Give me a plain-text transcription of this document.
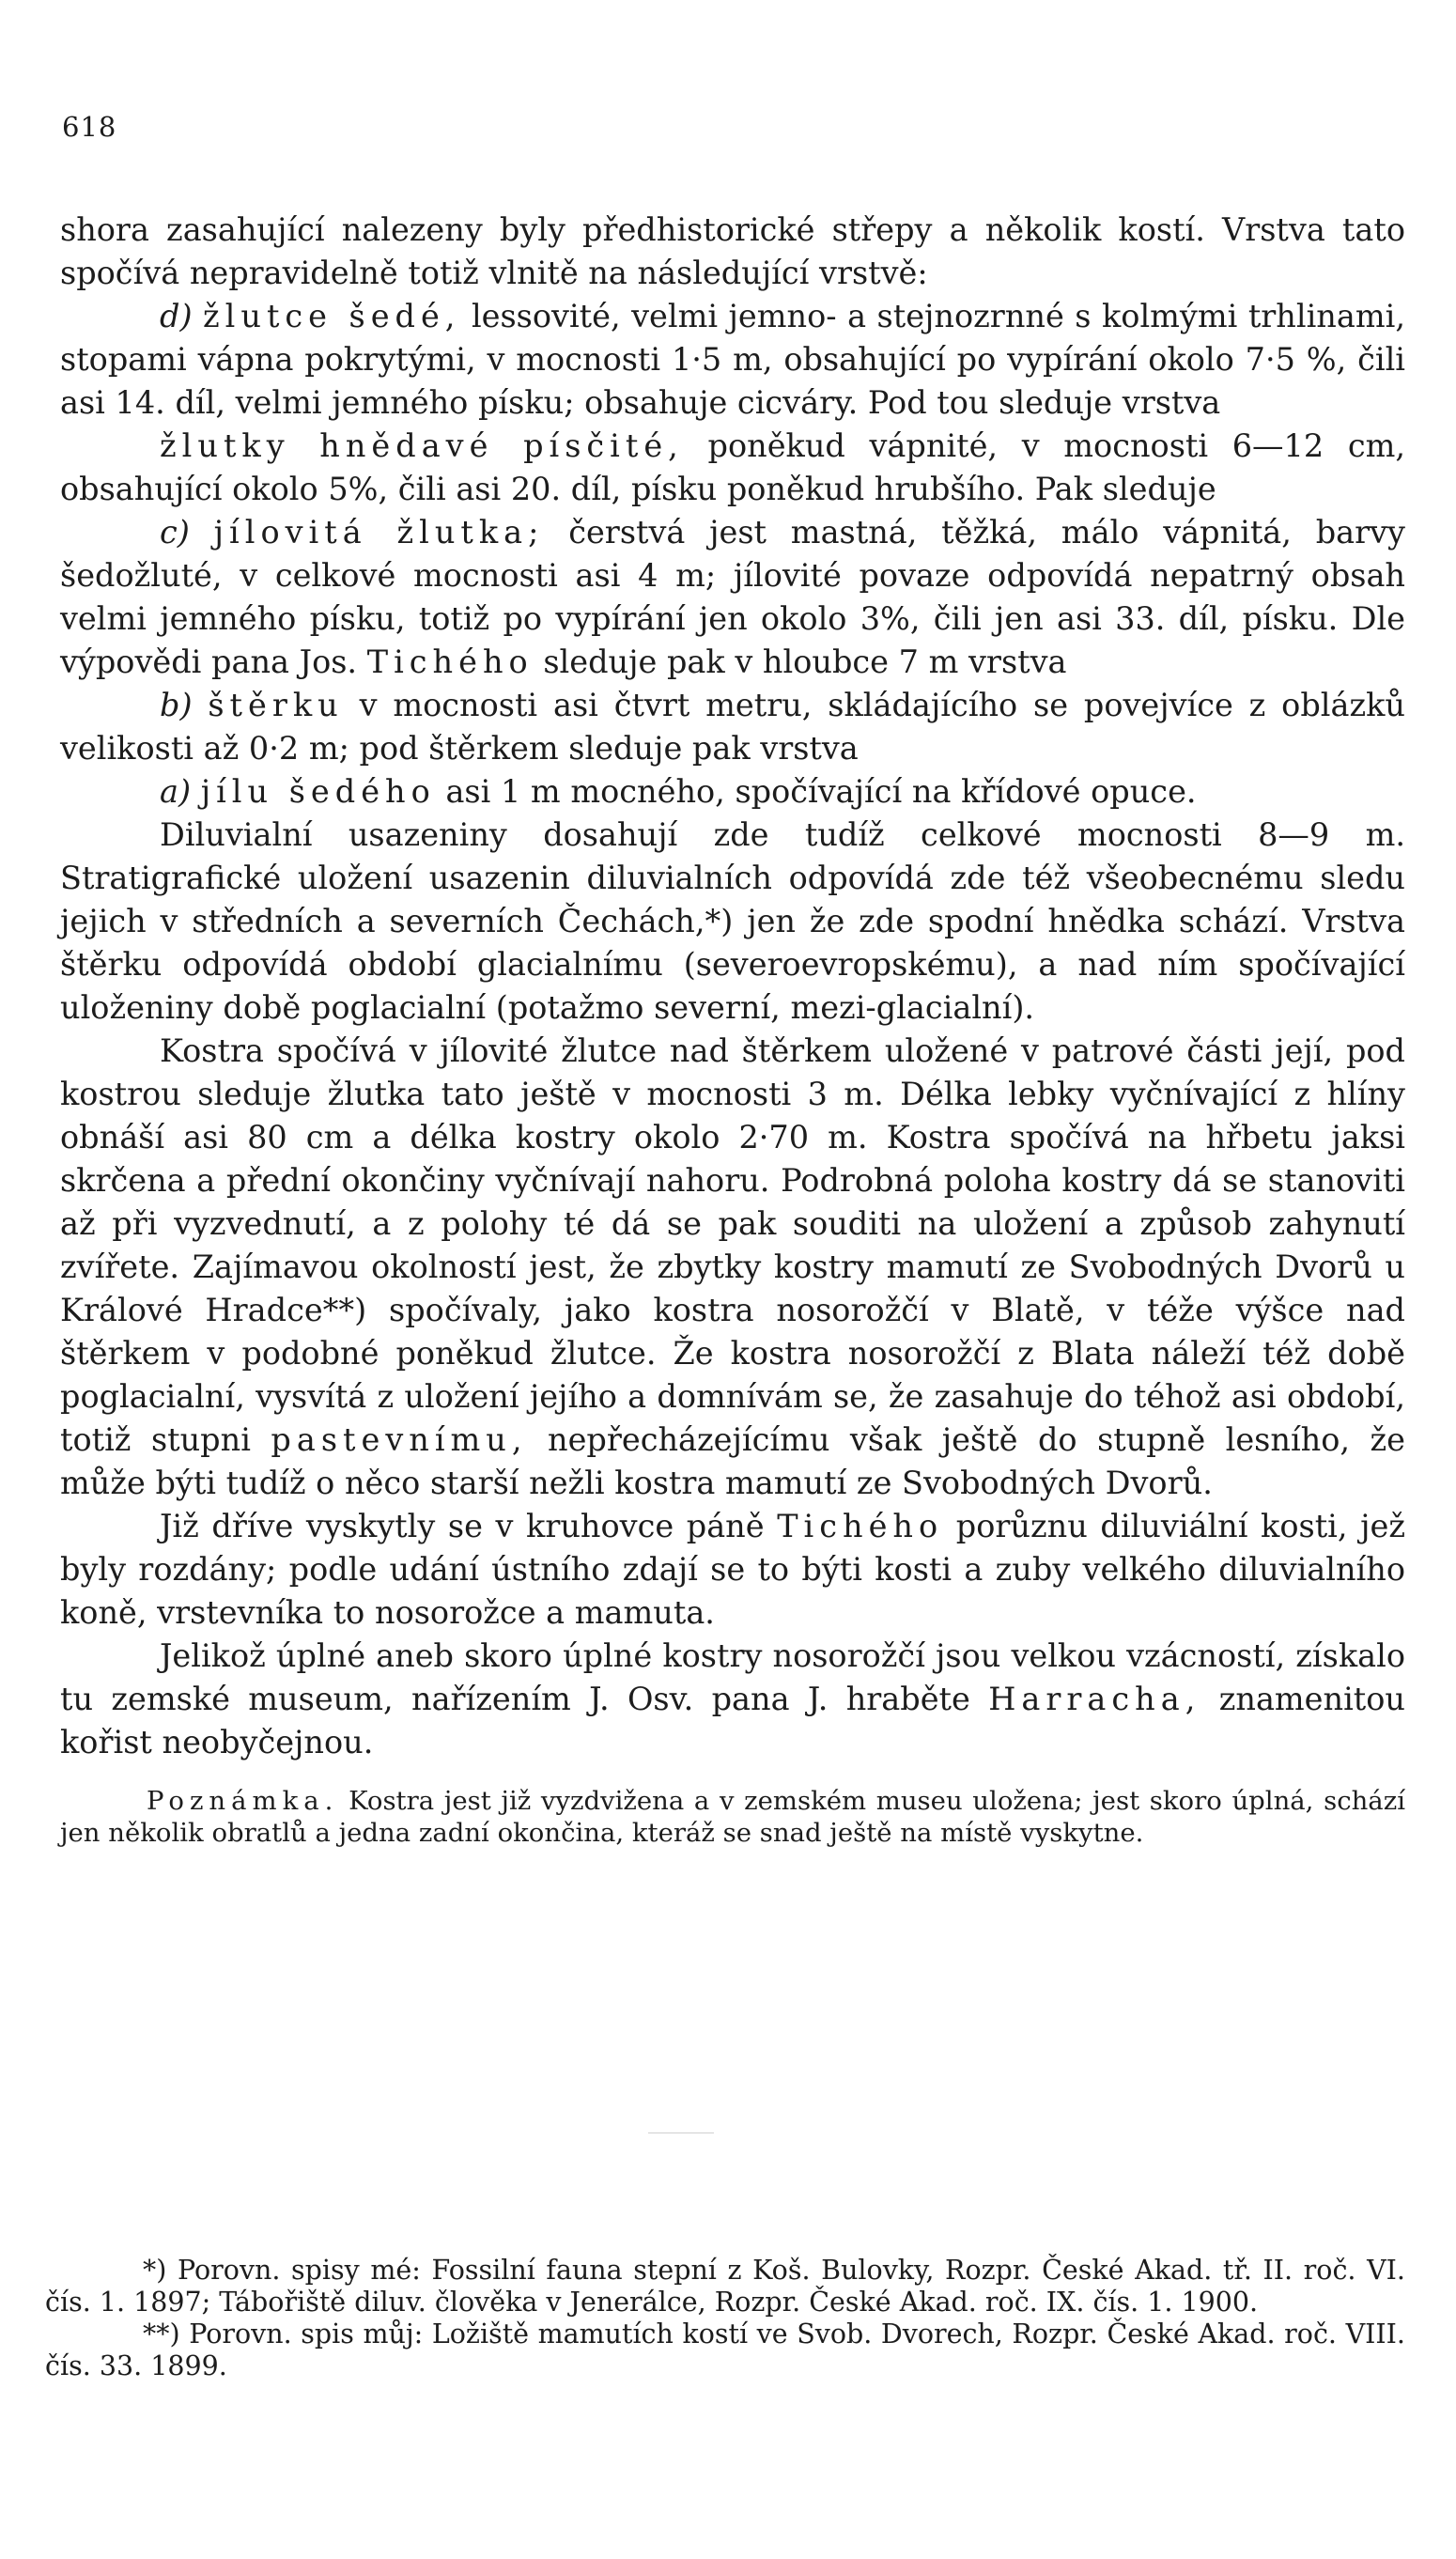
618

shora zasahující nalezeny byly předhistorické střepy a několik kostí. Vrstva tato spočívá nepravidelně totiž vlnitě na následující vrstvě:

d) žlutce šedé, lessovité, velmi jemno- a stejnozrnné s kolmými trhlinami, stopami vápna pokrytými, v mocnosti 1·5 m, obsahující po vypírání okolo 7·5 %, čili asi 14. díl, velmi jemného písku; obsahuje cicváry. Pod tou sleduje vrstva

žlutky hnědavé písčité, poněkud vápnité, v mocnosti 6—12 cm, obsahující okolo 5%, čili asi 20. díl, písku poněkud hrubšího. Pak sleduje

c) jílovitá žlutka; čerstvá jest mastná, těžká, málo vápnitá, barvy šedožluté, v celkové mocnosti asi 4 m; jílovité povaze odpovídá nepatrný obsah velmi jemného písku, totiž po vypírání jen okolo 3%, čili jen asi 33. díl, písku. Dle výpovědi pana Jos. Tichého sleduje pak v hloubce 7 m vrstva

b) štěrku v mocnosti asi čtvrt metru, skládajícího se povejvíce z oblázků velikosti až 0·2 m; pod štěrkem sleduje pak vrstva

a) jílu šedého asi 1 m mocného, spočívající na křídové opuce.

Diluvialní usazeniny dosahují zde tudíž celkové mocnosti 8—9 m. Stratigrafické uložení usazenin diluvialních odpovídá zde též všeobecnému sledu jejich v středních a severních Čechách,*) jen že zde spodní hnědka schází. Vrstva štěrku odpovídá období glacialnímu (severoevropskému), a nad ním spočívající uloženiny době poglacialní (potažmo severní, mezi-glacialní).

Kostra spočívá v jílovité žlutce nad štěrkem uložené v patrové části její, pod kostrou sleduje žlutka tato ještě v mocnosti 3 m. Délka lebky vyčnívající z hlíny obnáší asi 80 cm a délka kostry okolo 2·70 m. Kostra spočívá na hřbetu jaksi skrčena a přední okončiny vyčnívají nahoru. Podrobná poloha kostry dá se stanoviti až při vyzvednutí, a z polohy té dá se pak souditi na uložení a způsob zahynutí zvířete. Zajímavou okolností jest, že zbytky kostry mamutí ze Svobodných Dvorů u Králové Hradce**) spočívaly, jako kostra nosorožčí v Blatě, v téže výšce nad štěrkem v podobné poněkud žlutce. Že kostra nosorožčí z Blata náleží též době poglacialní, vysvítá z uložení jejího a domnívám se, že zasahuje do téhož asi období, totiž stupni pastevnímu, nepřecházejícímu však ještě do stupně lesního, že může býti tudíž o něco starší nežli kostra mamutí ze Svobodných Dvorů.

Již dříve vyskytly se v kruhovce páně Tichého porůznu diluviální kosti, jež byly rozdány; podle udání ústního zdají se to býti kosti a zuby velkého diluvialního koně, vrstevníka to nosorožce a mamuta.

Jelikož úplné aneb skoro úplné kostry nosorožčí jsou velkou vzácností, získalo tu zemské museum, nařízením J. Osv. pana J. hraběte Harracha, znamenitou kořist neobyčejnou.

Poznámka. Kostra jest již vyzdvižena a v zemském museu uložena; jest skoro úplná, schází jen několik obratlů a jedna zadní okončina, kteráž se snad ještě na místě vyskytne.

*) Porovn. spisy mé: Fossilní fauna stepní z Koš. Bulovky, Rozpr. České Akad. tř. II. roč. VI. čís. 1. 1897; Tábořiště diluv. člověka v Jenerálce, Rozpr. České Akad. roč. IX. čís. 1. 1900.

**) Porovn. spis můj: Ložiště mamutích kostí ve Svob. Dvorech, Rozpr. České Akad. roč. VIII. čís. 33. 1899.
